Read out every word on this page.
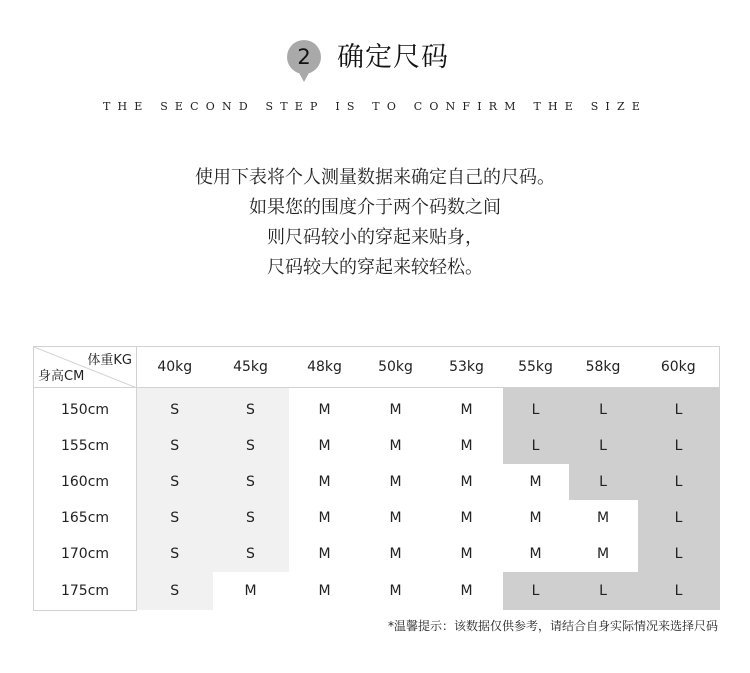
2 确定尺码
THE SECOND STEP IS TO CONFIRM THE SIZE
使用下表将个人测量数据来确定自己的尺码。
如果您的围度介于两个码数之间
则尺码较小的穿起来贴身，
尺码较大的穿起来较轻松。
体重KG
身高CM	40kg	45kg	48kg	50kg	53kg	55kg	58kg	60kg
150cm	S	S	M	M	M	L	L	L
155cm	S	S	M	M	M	L	L	L
160cm	S	S	M	M	M	M	L	L
165cm	S	S	M	M	M	M	M	L
170cm	S	S	M	M	M	M	M	L
175cm	S	M	M	M	M	L	L	L
*温馨提示：该数据仅供参考，请结合自身实际情况来选择尺码
